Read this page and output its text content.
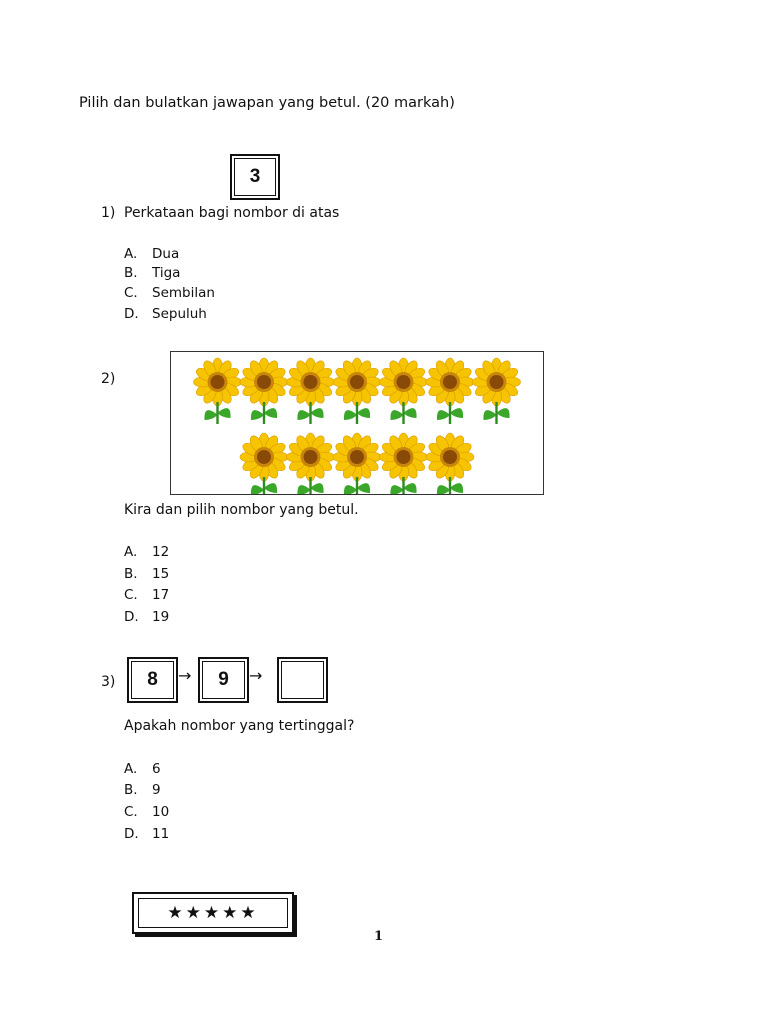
Pilih dan bulatkan jawapan yang betul. (20 markah)
3
1) Perkataan bagi nombor di atas
A.	Dua
B.	Tiga
C.	Sembilan
D. Sepuluh
2)
Kira dan pilih nombor yang betul.
A.	12
B.	15
C.	17
D. 19
3)	8	→	9	→
Apakah nombor yang tertinggal?
A.	6
B.	9
C.	10
D. 11
★★★★★
1
